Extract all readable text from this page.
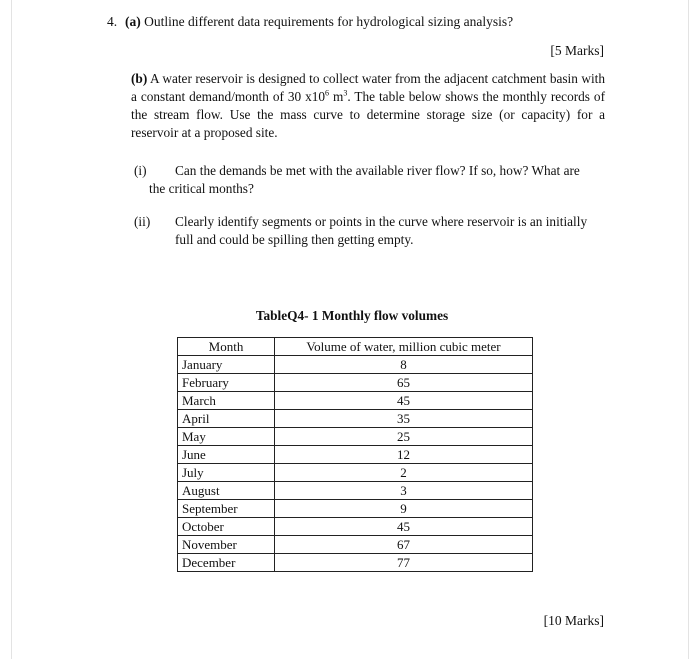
4. (a) Outline different data requirements for hydrological sizing analysis?
[5 Marks]
(b) A water reservoir is designed to collect water from the adjacent catchment basin with a constant demand/month of 30 $x10^6$ $m^3$. The table below shows the monthly records of the stream flow. Use the mass curve to determine storage size (or capacity) for a reservoir at a proposed site.
(i) Can the demands be met with the available river flow? If so, how? What are
the critical months?
(ii) Clearly identify segments or points in the curve where reservoir is an initially full and could be spilling then getting empty.
TableQ4- 1 Monthly flow volumes
Month	Volume of water, million cubic meter
January	8
February	65
March	45
April	35
May	25
June	12
July	2
August	3
September	9
October	45
November	67
December	77
[10 Marks]
